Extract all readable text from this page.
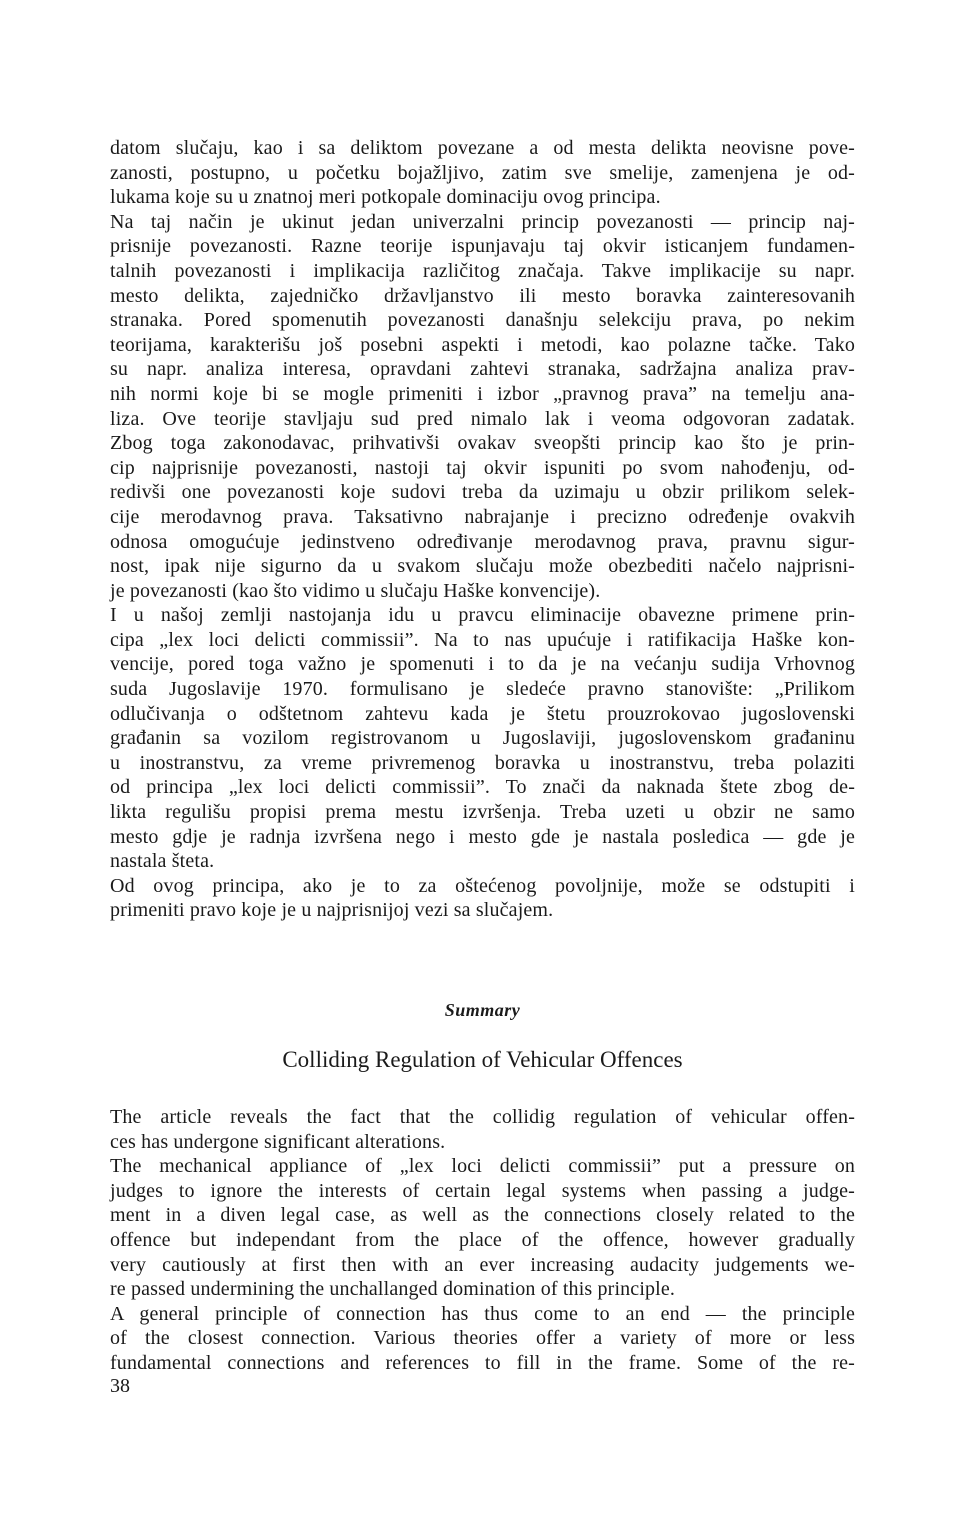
datom slučaju, kao i sa deliktom povezane a od mesta delikta neovisne pove-
zanosti, postupno, u početku bojažljivo, zatim sve smelije, zamenjena je od-
lukama koje su u znatnoj meri potkopale dominaciju ovog principa.
Na taj način je ukinut jedan univerzalni princip povezanosti — princip naj-
prisnije povezanosti. Razne teorije ispunjavaju taj okvir isticanjem fundamen-
talnih povezanosti i implikacija različitog značaja. Takve implikacije su napr.
mesto delikta, zajedničko državljanstvo ili mesto boravka zainteresovanih
stranaka. Pored spomenutih povezanosti današnju selekciju prava, po nekim
teorijama, karakterišu još posebni aspekti i metodi, kao polazne tačke. Tako
su napr. analiza interesa, opravdani zahtevi stranaka, sadržajna analiza prav-
nih normi koje bi se mogle primeniti i izbor „pravnog prava” na temelju ana-
liza. Ove teorije stavljaju sud pred nimalo lak i veoma odgovoran zadatak.
Zbog toga zakonodavac, prihvativši ovakav sveopšti princip kao što je prin-
cip najprisnije povezanosti, nastoji taj okvir ispuniti po svom nahođenju, od-
redivši one povezanosti koje sudovi treba da uzimaju u obzir prilikom selek-
cije merodavnog prava. Taksativno nabrajanje i precizno određenje ovakvih
odnosa omogućuje jedinstveno određivanje merodavnog prava, pravnu sigur-
nost, ipak nije sigurno da u svakom slučaju može obezbediti načelo najprisni-
je povezanosti (kao što vidimo u slučaju Haške konvencije).
I u našoj zemlji nastojanja idu u pravcu eliminacije obavezne primene prin-
cipa „lex loci delicti commissii”. Na to nas upućuje i ratifikacija Haške kon-
vencije, pored toga važno je spomenuti i to da je na većanju sudija Vrhovnog
suda Jugoslavije 1970. formulisano je sledeće pravno stanovište: „Prilikom
odlučivanja o odštetnom zahtevu kada je štetu prouzrokovao jugoslovenski
građanin sa vozilom registrovanom u Jugoslaviji, jugoslovenskom građaninu
u inostranstvu, za vreme privremenog boravka u inostranstvu, treba polaziti
od principa „lex loci delicti commissii”. To znači da naknada štete zbog de-
likta regulišu propisi prema mestu izvršenja. Treba uzeti u obzir ne samo
mesto gdje je radnja izvršena nego i mesto gde je nastala posledica — gde je
nastala šteta.
Od ovog principa, ako je to za oštećenog povoljnije, može se odstupiti i
primeniti pravo koje je u najprisnijoj vezi sa slučajem.
Summary
Colliding Regulation of Vehicular Offences
The article reveals the fact that the collidig regulation of vehicular offen-
ces has undergone significant alterations.
The mechanical appliance of „lex loci delicti commissii” put a pressure on
judges to ignore the interests of certain legal systems when passing a judge-
ment in a diven legal case, as well as the connections closely related to the
offence but independant from the place of the offence, however gradually
very cautiously at first then with an ever increasing audacity judgements we-
re passed undermining the unchallanged domination of this principle.
A general principle of connection has thus come to an end — the principle
of the closest connection. Various theories offer a variety of more or less
fundamental connections and references to fill in the frame. Some of the re-
38
